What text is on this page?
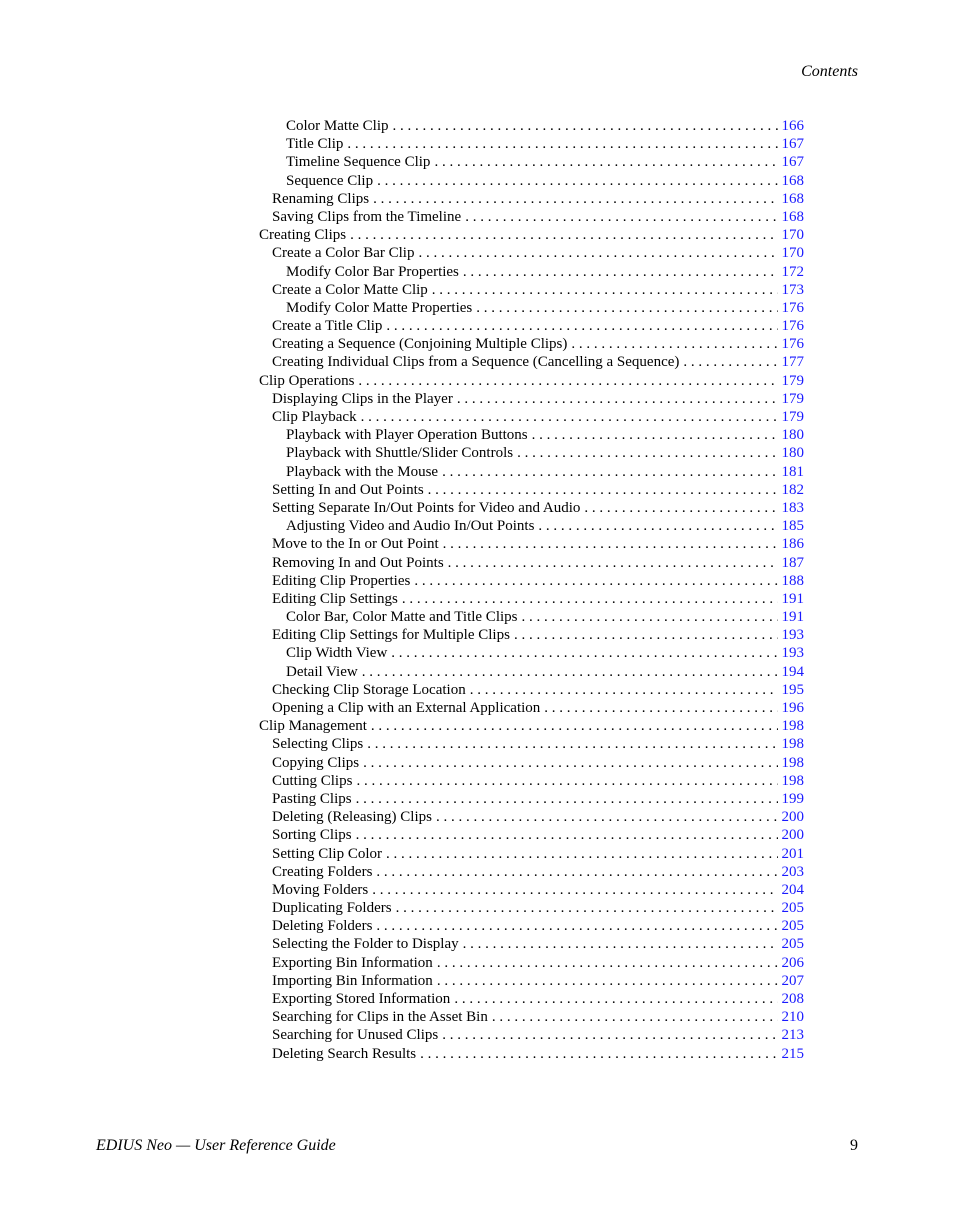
Contents
Color Matte Clip . . .	166
Title Clip . . .	167
Timeline Sequence Clip . . .	167
Sequence Clip . . .	168
Renaming Clips . . .	168
Saving Clips from the Timeline . . .	168
Creating Clips . . .	170
Create a Color Bar Clip . . .	170
Modify Color Bar Properties . . .	172
Create a Color Matte Clip . . .	173
Modify Color Matte Properties . . .	176
Create a Title Clip . . .	176
Creating a Sequence (Conjoining Multiple Clips) . . .	176
Creating Individual Clips from a Sequence (Cancelling a Sequence) . . .	177
Clip Operations . . .	179
Displaying Clips in the Player . . .	179
Clip Playback . . .	179
Playback with Player Operation Buttons . . .	180
Playback with Shuttle/Slider Controls . . .	180
Playback with the Mouse . . .	181
Setting In and Out Points . . .	182
Setting Separate In/Out Points for Video and Audio . . .	183
Adjusting Video and Audio In/Out Points . . .	185
Move to the In or Out Point . . .	186
Removing In and Out Points . . .	187
Editing Clip Properties . . .	188
Editing Clip Settings . . .	191
Color Bar, Color Matte and Title Clips . . .	191
Editing Clip Settings for Multiple Clips . . .	193
Clip Width View . . .	193
Detail View . . .	194
Checking Clip Storage Location . . .	195
Opening a Clip with an External Application . . .	196
Clip Management . . .	198
Selecting Clips . . .	198
Copying Clips . . .	198
Cutting Clips . . .	198
Pasting Clips . . .	199
Deleting (Releasing) Clips . . .	200
Sorting Clips . . .	200
Setting Clip Color . . .	201
Creating Folders . . .	203
Moving Folders . . .	204
Duplicating Folders . . .	205
Deleting Folders . . .	205
Selecting the Folder to Display . . .	205
Exporting Bin Information . . .	206
Importing Bin Information . . .	207
Exporting Stored Information . . .	208
Searching for Clips in the Asset Bin . . .	210
Searching for Unused Clips . . .	213
Deleting Search Results . . .	215
EDIUS Neo — User Reference Guide	9
